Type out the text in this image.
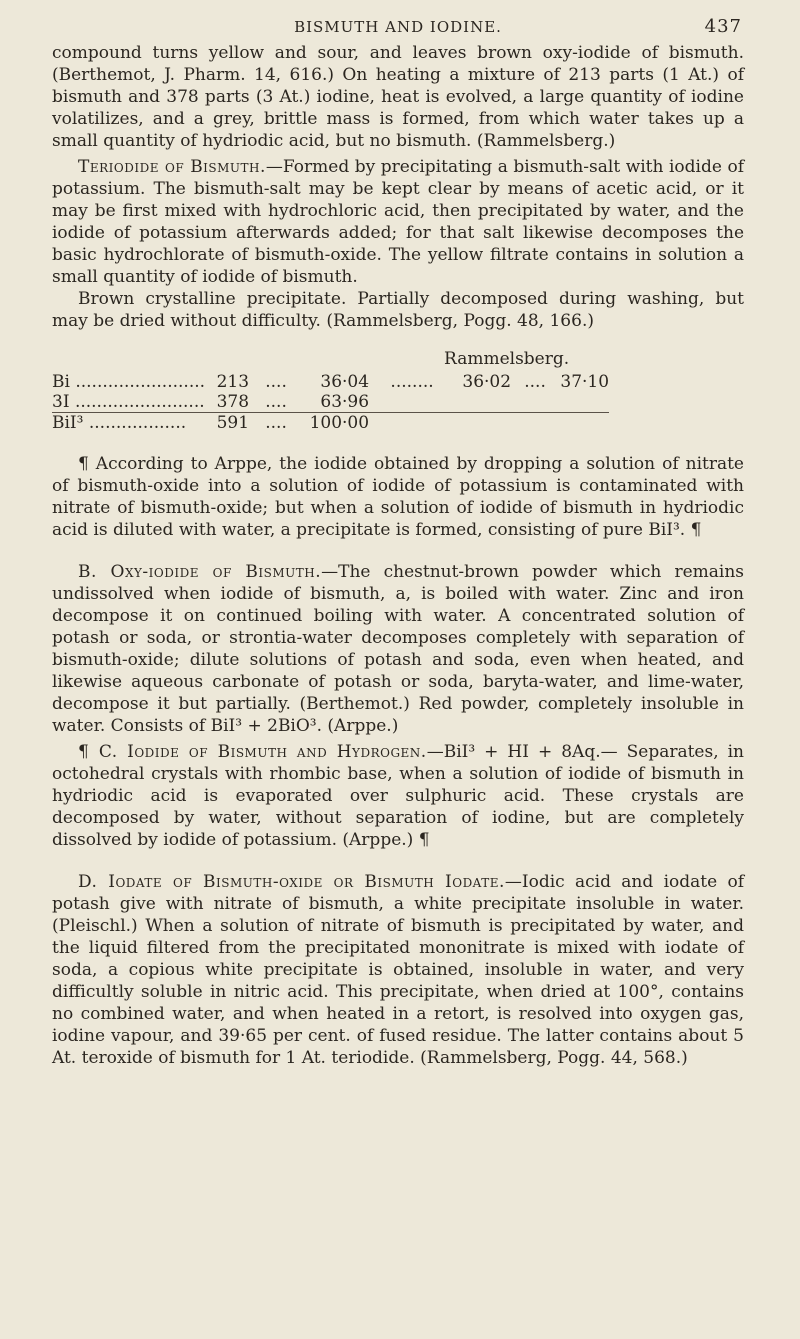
BISMUTH AND IODINE.	437

compound turns yellow and sour, and leaves brown oxy-iodide of bismuth. (Berthemot, J. Pharm. 14, 616.) On heating a mixture of 213 parts (1 At.) of bismuth and 378 parts (3 At.) iodine, heat is evolved, a large quantity of iodine volatilizes, and a grey, brittle mass is formed, from which water takes up a small quantity of hydriodic acid, but no bismuth. (Rammelsberg.)

Teriodide of Bismuth.—Formed by precipitating a bismuth-salt with iodide of potassium. The bismuth-salt may be kept clear by means of acetic acid, or it may be first mixed with hydrochloric acid, then precipitated by water, and the iodide of potassium afterwards added; for that salt likewise decomposes the basic hydrochlorate of bismuth-oxide. The yellow filtrate contains in solution a small quantity of iodide of bismuth.

Brown crystalline precipitate. Partially decomposed during washing, but may be dried without difficulty. (Rammelsberg, Pogg. 48, 166.)

Rammelsberg.
Bi ........................	213	....	36·04	........	36·02	....	37·10
3I ........................	378	....	63·96				
BiI³ ..................	591	....	100·00				

¶ According to Arppe, the iodide obtained by dropping a solution of nitrate of bismuth-oxide into a solution of iodide of potassium is contaminated with nitrate of bismuth-oxide; but when a solution of iodide of bismuth in hydriodic acid is diluted with water, a precipitate is formed, consisting of pure BiI³. ¶

B. Oxy-iodide of Bismuth.—The chestnut-brown powder which remains undissolved when iodide of bismuth, a, is boiled with water. Zinc and iron decompose it on continued boiling with water. A concentrated solution of potash or soda, or strontia-water decomposes completely with separation of bismuth-oxide; dilute solutions of potash and soda, even when heated, and likewise aqueous carbonate of potash or soda, baryta-water, and lime-water, decompose it but partially. (Berthemot.) Red powder, completely insoluble in water. Consists of BiI³ + 2BiO³. (Arppe.)

¶ C. Iodide of Bismuth and Hydrogen.—BiI³ + HI + 8Aq.— Separates, in octohedral crystals with rhombic base, when a solution of iodide of bismuth in hydriodic acid is evaporated over sulphuric acid. These crystals are decomposed by water, without separation of iodine, but are completely dissolved by iodide of potassium. (Arppe.) ¶

D. Iodate of Bismuth-oxide or Bismuth Iodate.—Iodic acid and iodate of potash give with nitrate of bismuth, a white precipitate insoluble in water. (Pleischl.) When a solution of nitrate of bismuth is precipitated by water, and the liquid filtered from the precipitated mononitrate is mixed with iodate of soda, a copious white precipitate is obtained, insoluble in water, and very difficultly soluble in nitric acid. This precipitate, when dried at 100°, contains no combined water, and when heated in a retort, is resolved into oxygen gas, iodine vapour, and 39·65 per cent. of fused residue. The latter contains about 5 At. teroxide of bismuth for 1 At. teriodide. (Rammelsberg, Pogg. 44, 568.)
